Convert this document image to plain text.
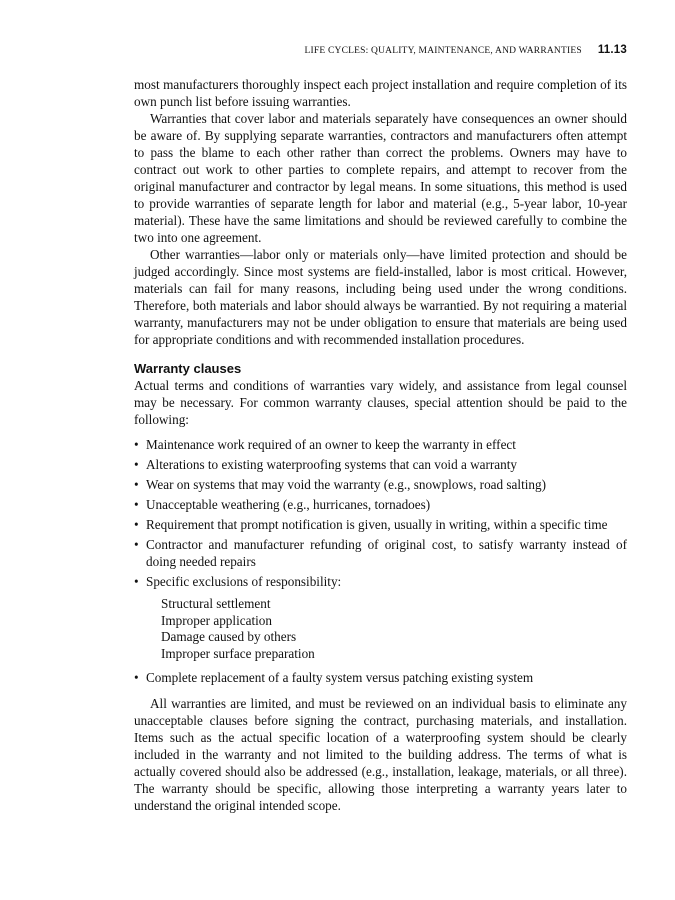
LIFE CYCLES: QUALITY, MAINTENANCE, AND WARRANTIES 11.13

most manufacturers thoroughly inspect each project installation and require completion of its own punch list before issuing warranties.

Warranties that cover labor and materials separately have consequences an owner should be aware of. By supplying separate warranties, contractors and manufacturers often attempt to pass the blame to each other rather than correct the problems. Owners may have to contract out work to other parties to complete repairs, and attempt to recover from the original manufacturer and contractor by legal means. In some situations, this method is used to provide warranties of separate length for labor and material (e.g., 5-year labor, 10-year material). These have the same limitations and should be reviewed carefully to combine the two into one agreement.

Other warranties—labor only or materials only—have limited protection and should be judged accordingly. Since most systems are field-installed, labor is most critical. However, materials can fail for many reasons, including being used under the wrong conditions. Therefore, both materials and labor should always be warrantied. By not requiring a material warranty, manufacturers may not be under obligation to ensure that materials are being used for appropriate conditions and with recommended installation procedures.

Warranty clauses

Actual terms and conditions of warranties vary widely, and assistance from legal counsel may be necessary. For common warranty clauses, special attention should be paid to the following:

• Maintenance work required of an owner to keep the warranty in effect
• Alterations to existing waterproofing systems that can void a warranty
• Wear on systems that may void the warranty (e.g., snowplows, road salting)
• Unacceptable weathering (e.g., hurricanes, tornadoes)
• Requirement that prompt notification is given, usually in writing, within a specific time
• Contractor and manufacturer refunding of original cost, to satisfy warranty instead of doing needed repairs
• Specific exclusions of responsibility:
Structural settlement
Improper application
Damage caused by others
Improper surface preparation
• Complete replacement of a faulty system versus patching existing system

All warranties are limited, and must be reviewed on an individual basis to eliminate any unacceptable clauses before signing the contract, purchasing materials, and installation. Items such as the actual specific location of a waterproofing system should be clearly included in the warranty and not limited to the building address. The terms of what is actually covered should also be addressed (e.g., installation, leakage, materials, or all three). The warranty should be specific, allowing those interpreting a warranty years later to understand the original intended scope.
